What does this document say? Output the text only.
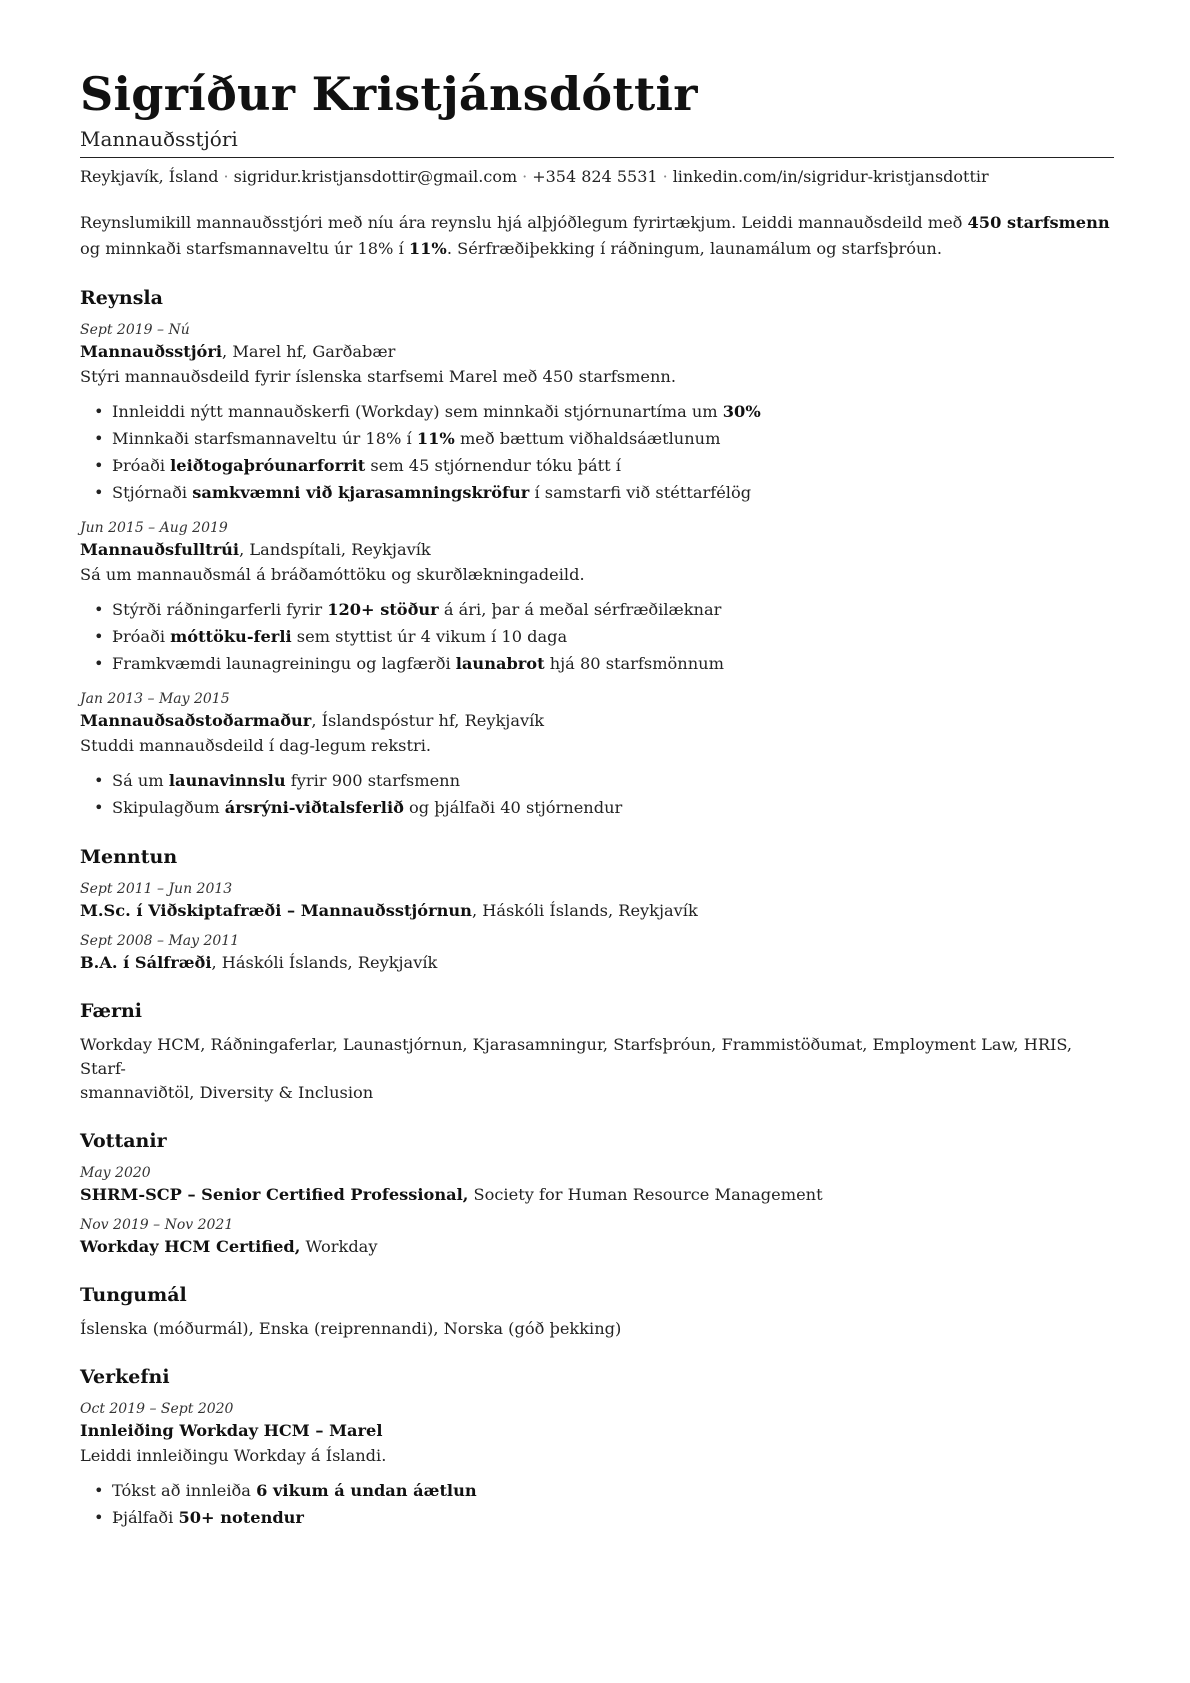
Sigríður Kristjánsdóttir
Mannauðsstjóri
Reykjavík, Ísland · sigridur.kristjansdottir@gmail.com · +354 824 5531 · linkedin.com/in/sigridur-kristjansdottir
Reynslumikill mannauðsstjóri með níu ára reynslu hjá alþjóðlegum fyrirtækjum. Leiddi mannauðsdeild með 450 starfsmenn og minnkaði starfsmannaveltu úr 18% í 11%. Sérfræðiþekking í ráðningum, launamálum og starfsþróun.
Reynsla
Sept 2019 – Nú
Mannauðsstjóri, Marel hf, Garðabær
Stýri mannauðsdeild fyrir íslenska starfsemi Marel með 450 starfsmenn.
• Innleiddi nýtt mannauðskerfi (Workday) sem minnkaði stjórnunartíma um 30%
• Minnkaði starfsmannaveltu úr 18% í 11% með bættum viðhaldsáætlunum
• Þróaði leiðtogaþróunarforrit sem 45 stjórnendur tóku þátt í
• Stjórnaði samkvæmni við kjarasamningskröfur í samstarfi við stéttarfélög
Jun 2015 – Aug 2019
Mannauðsfulltrúi, Landspítali, Reykjavík
Sá um mannauðsmál á bráðamóttöku og skurðlækningadeild.
• Stýrði ráðningarferli fyrir 120+ stöður á ári, þar á meðal sérfræðilæknar
• Þróaði móttöku-ferli sem styttist úr 4 vikum í 10 daga
• Framkvæmdi launagreiningu og lagfærði launabrot hjá 80 starfsmönnum
Jan 2013 – May 2015
Mannauðsaðstoðarmaður, Íslandspóstur hf, Reykjavík
Studdi mannauðsdeild í dag-legum rekstri.
• Sá um launavinnslu fyrir 900 starfsmenn
• Skipulagðum ársrýni-viðtalsferlið og þjálfaði 40 stjórnendur
Menntun
Sept 2011 – Jun 2013
M.Sc. í Viðskiptafræði – Mannauðsstjórnun, Háskóli Íslands, Reykjavík
Sept 2008 – May 2011
B.A. í Sálfræði, Háskóli Íslands, Reykjavík
Færni
Workday HCM, Ráðningaferlar, Launastjórnun, Kjarasamningur, Starfsþróun, Frammistöðumat, Employment Law, HRIS, Starf-
smannaviðtöl, Diversity & Inclusion
Vottanir
May 2020
SHRM-SCP – Senior Certified Professional, Society for Human Resource Management
Nov 2019 – Nov 2021
Workday HCM Certified, Workday
Tungumál
Íslenska (móðurmál), Enska (reiprennandi), Norska (góð þekking)
Verkefni
Oct 2019 – Sept 2020
Innleiðing Workday HCM – Marel
Leiddi innleiðingu Workday á Íslandi.
• Tókst að innleiða 6 vikum á undan áætlun
• Þjálfaði 50+ notendur
